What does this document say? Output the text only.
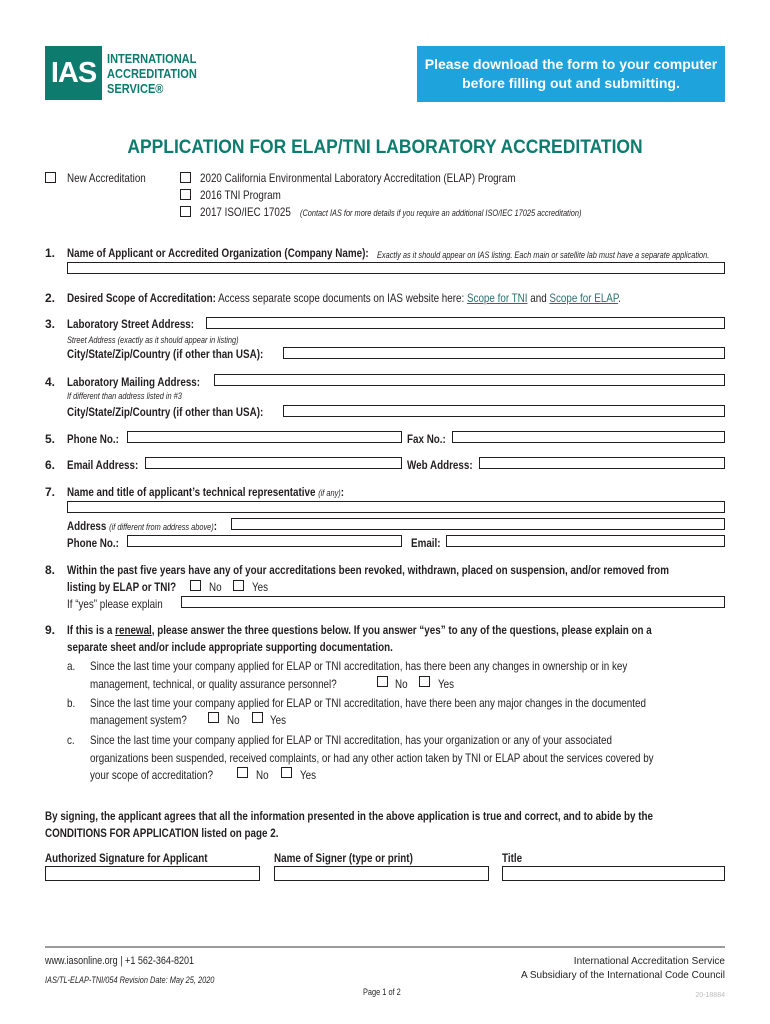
IAS INTERNATIONAL
ACCREDITATION
SERVICE®
Please download the form to your computer
before filling out and submitting.
APPLICATION FOR ELAP/TNI LABORATORY ACCREDITATION
New Accreditation	2020 California Environmental Laboratory Accreditation (ELAP) Program
2016 TNI Program
2017 ISO/IEC 17025 (Contact IAS for more details if you require an additional ISO/IEC 17025 accreditation)
1. Name of Applicant or Accredited Organization (Company Name): Exactly as it should appear on IAS listing. Each main or satellite lab must have a separate application.
2. Desired Scope of Accreditation: Access separate scope documents on IAS website here: Scope for TNI and Scope for ELAP.
3. Laboratory Street Address:
Street Address (exactly as it should appear in listing)
City/State/Zip/Country (if other than USA):
4. Laboratory Mailing Address:
If different than address listed in #3
City/State/Zip/Country (if other than USA):
5. Phone No.:	Fax No.:
6. Email Address:	Web Address:
7. Name and title of applicant’s technical representative (if any):
Address (if different from address above):
Phone No.:	Email:
8. Within the past five years have any of your accreditations been revoked, withdrawn, placed on suspension, and/or removed from
listing by ELAP or TNI?	No	Yes
If “yes” please explain
9. If this is a renewal, please answer the three questions below. If you answer “yes” to any of the questions, please explain on a
separate sheet and/or include appropriate supporting documentation.
a. Since the last time your company applied for ELAP or TNI accreditation, has there been any changes in ownership or in key
management, technical, or quality assurance personnel?	No	Yes
b. Since the last time your company applied for ELAP or TNI accreditation, have there been any major changes in the documented
management system?	No	Yes
c. Since the last time your company applied for ELAP or TNI accreditation, has your organization or any of your associated
organizations been suspended, received complaints, or had any other action taken by TNI or ELAP about the services covered by
your scope of accreditation?	No	Yes
By signing, the applicant agrees that all the information presented in the above application is true and correct, and to abide by the
CONDITIONS FOR APPLICATION listed on page 2.
Authorized Signature for Applicant	Name of Signer (type or print)	Title
www.iasonline.org | +1 562-364-8201
IAS/TL-ELAP-TNI/054 Revision Date: May 25, 2020
Page 1 of 2
International Accreditation Service
A Subsidiary of the International Code Council
20-18884
